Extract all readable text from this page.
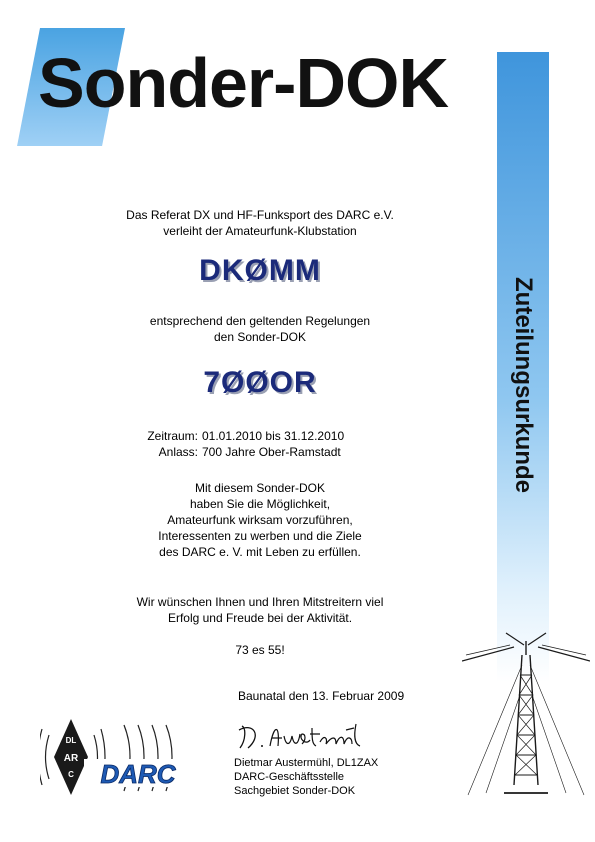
Sonder-DOK
Zuteilungsurkunde
Das Referat DX und HF-Funksport des DARC e.V.
verleiht der Amateurfunk-Klubstation
DKØMM
entsprechend den geltenden Regelungen
den Sonder-DOK
7ØØOR
Zeitraum: 01.01.2010 bis 31.12.2010
Anlass: 700 Jahre Ober-Ramstadt
Mit diesem Sonder-DOK
haben Sie die Möglichkeit,
Amateurfunk wirksam vorzuführen,
Interessenten zu werben und die Ziele
des DARC e. V. mit Leben zu erfüllen.
Wir wünschen Ihnen und Ihren Mitstreitern viel
Erfolg und Freude bei der Aktivität.
73 es 55!
Baunatal den 13. Februar 2009
Dietmar Austermühl, DL1ZAX
DARC-Geschäftsstelle
Sachgebiet Sonder-DOK
DL
AR
C DARC
